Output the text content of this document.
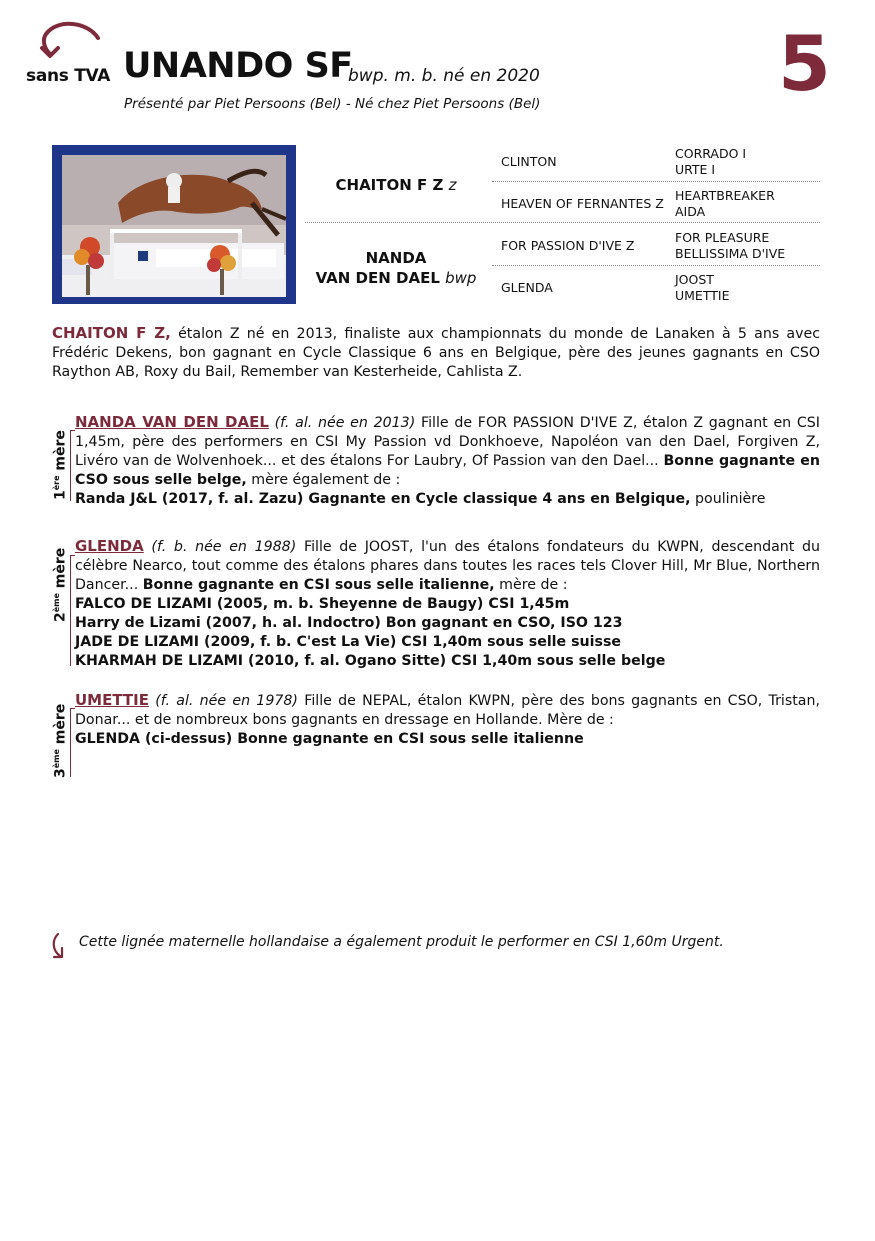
sans TVA UNANDO SF
bwp. m. b. né en 2020
Présenté par Piet Persoons (Bel) - Né chez Piet Persoons (Bel)	5
CHAITON F Z z
NANDA
VAN DEN DAEL bwp
CLINTON
HEAVEN OF FERNANTES Z
FOR PASSION D'IVE Z
GLENDA
CORRADO I
URTE I
HEARTBREAKER
AIDA
FOR PLEASURE
BELLISSIMA D'IVE
JOOST
UMETTIE
CHAITON F Z, étalon Z né en 2013, finaliste aux championnats du monde de Lanaken à 5 ans avec Frédéric Dekens, bon gagnant en Cycle Classique 6 ans en Belgique, père des jeunes gagnants en CSO Raython AB, Roxy du Bail, Remember van Kesterheide, Cahlista Z.
1ère mère
NANDA VAN DEN DAEL (f. al. née en 2013) Fille de FOR PASSION D'IVE Z, étalon Z gagnant en CSI 1,45m, père des performers en CSI My Passion vd Donkhoeve, Napoléon van den Dael, Forgiven Z, Livéro van de Wolvenhoek... et des étalons For Laubry, Of Passion van den Dael... Bonne gagnante en CSO sous selle belge, mère également de :
Randa J&L (2017, f. al. Zazu) Gagnante en Cycle classique 4 ans en Belgique, poulinière
2ème mère
GLENDA (f. b. née en 1988) Fille de JOOST, l'un des étalons fondateurs du KWPN, descendant du célèbre Nearco, tout comme des étalons phares dans toutes les races tels Clover Hill, Mr Blue, Northern Dancer... Bonne gagnante en CSI sous selle italienne, mère de :
FALCO DE LIZAMI (2005, m. b. Sheyenne de Baugy) CSI 1,45m
Harry de Lizami (2007, h. al. Indoctro) Bon gagnant en CSO, ISO 123
JADE DE LIZAMI (2009, f. b. C'est La Vie) CSI 1,40m sous selle suisse
KHARMAH DE LIZAMI (2010, f. al. Ogano Sitte) CSI 1,40m sous selle belge
3ème mère
UMETTIE (f. al. née en 1978) Fille de NEPAL, étalon KWPN, père des bons gagnants en CSO, Tristan, Donar... et de nombreux bons gagnants en dressage en Hollande. Mère de :
GLENDA (ci-dessus) Bonne gagnante en CSI sous selle italienne
Cette lignée maternelle hollandaise a également produit le performer en CSI 1,60m Urgent.
